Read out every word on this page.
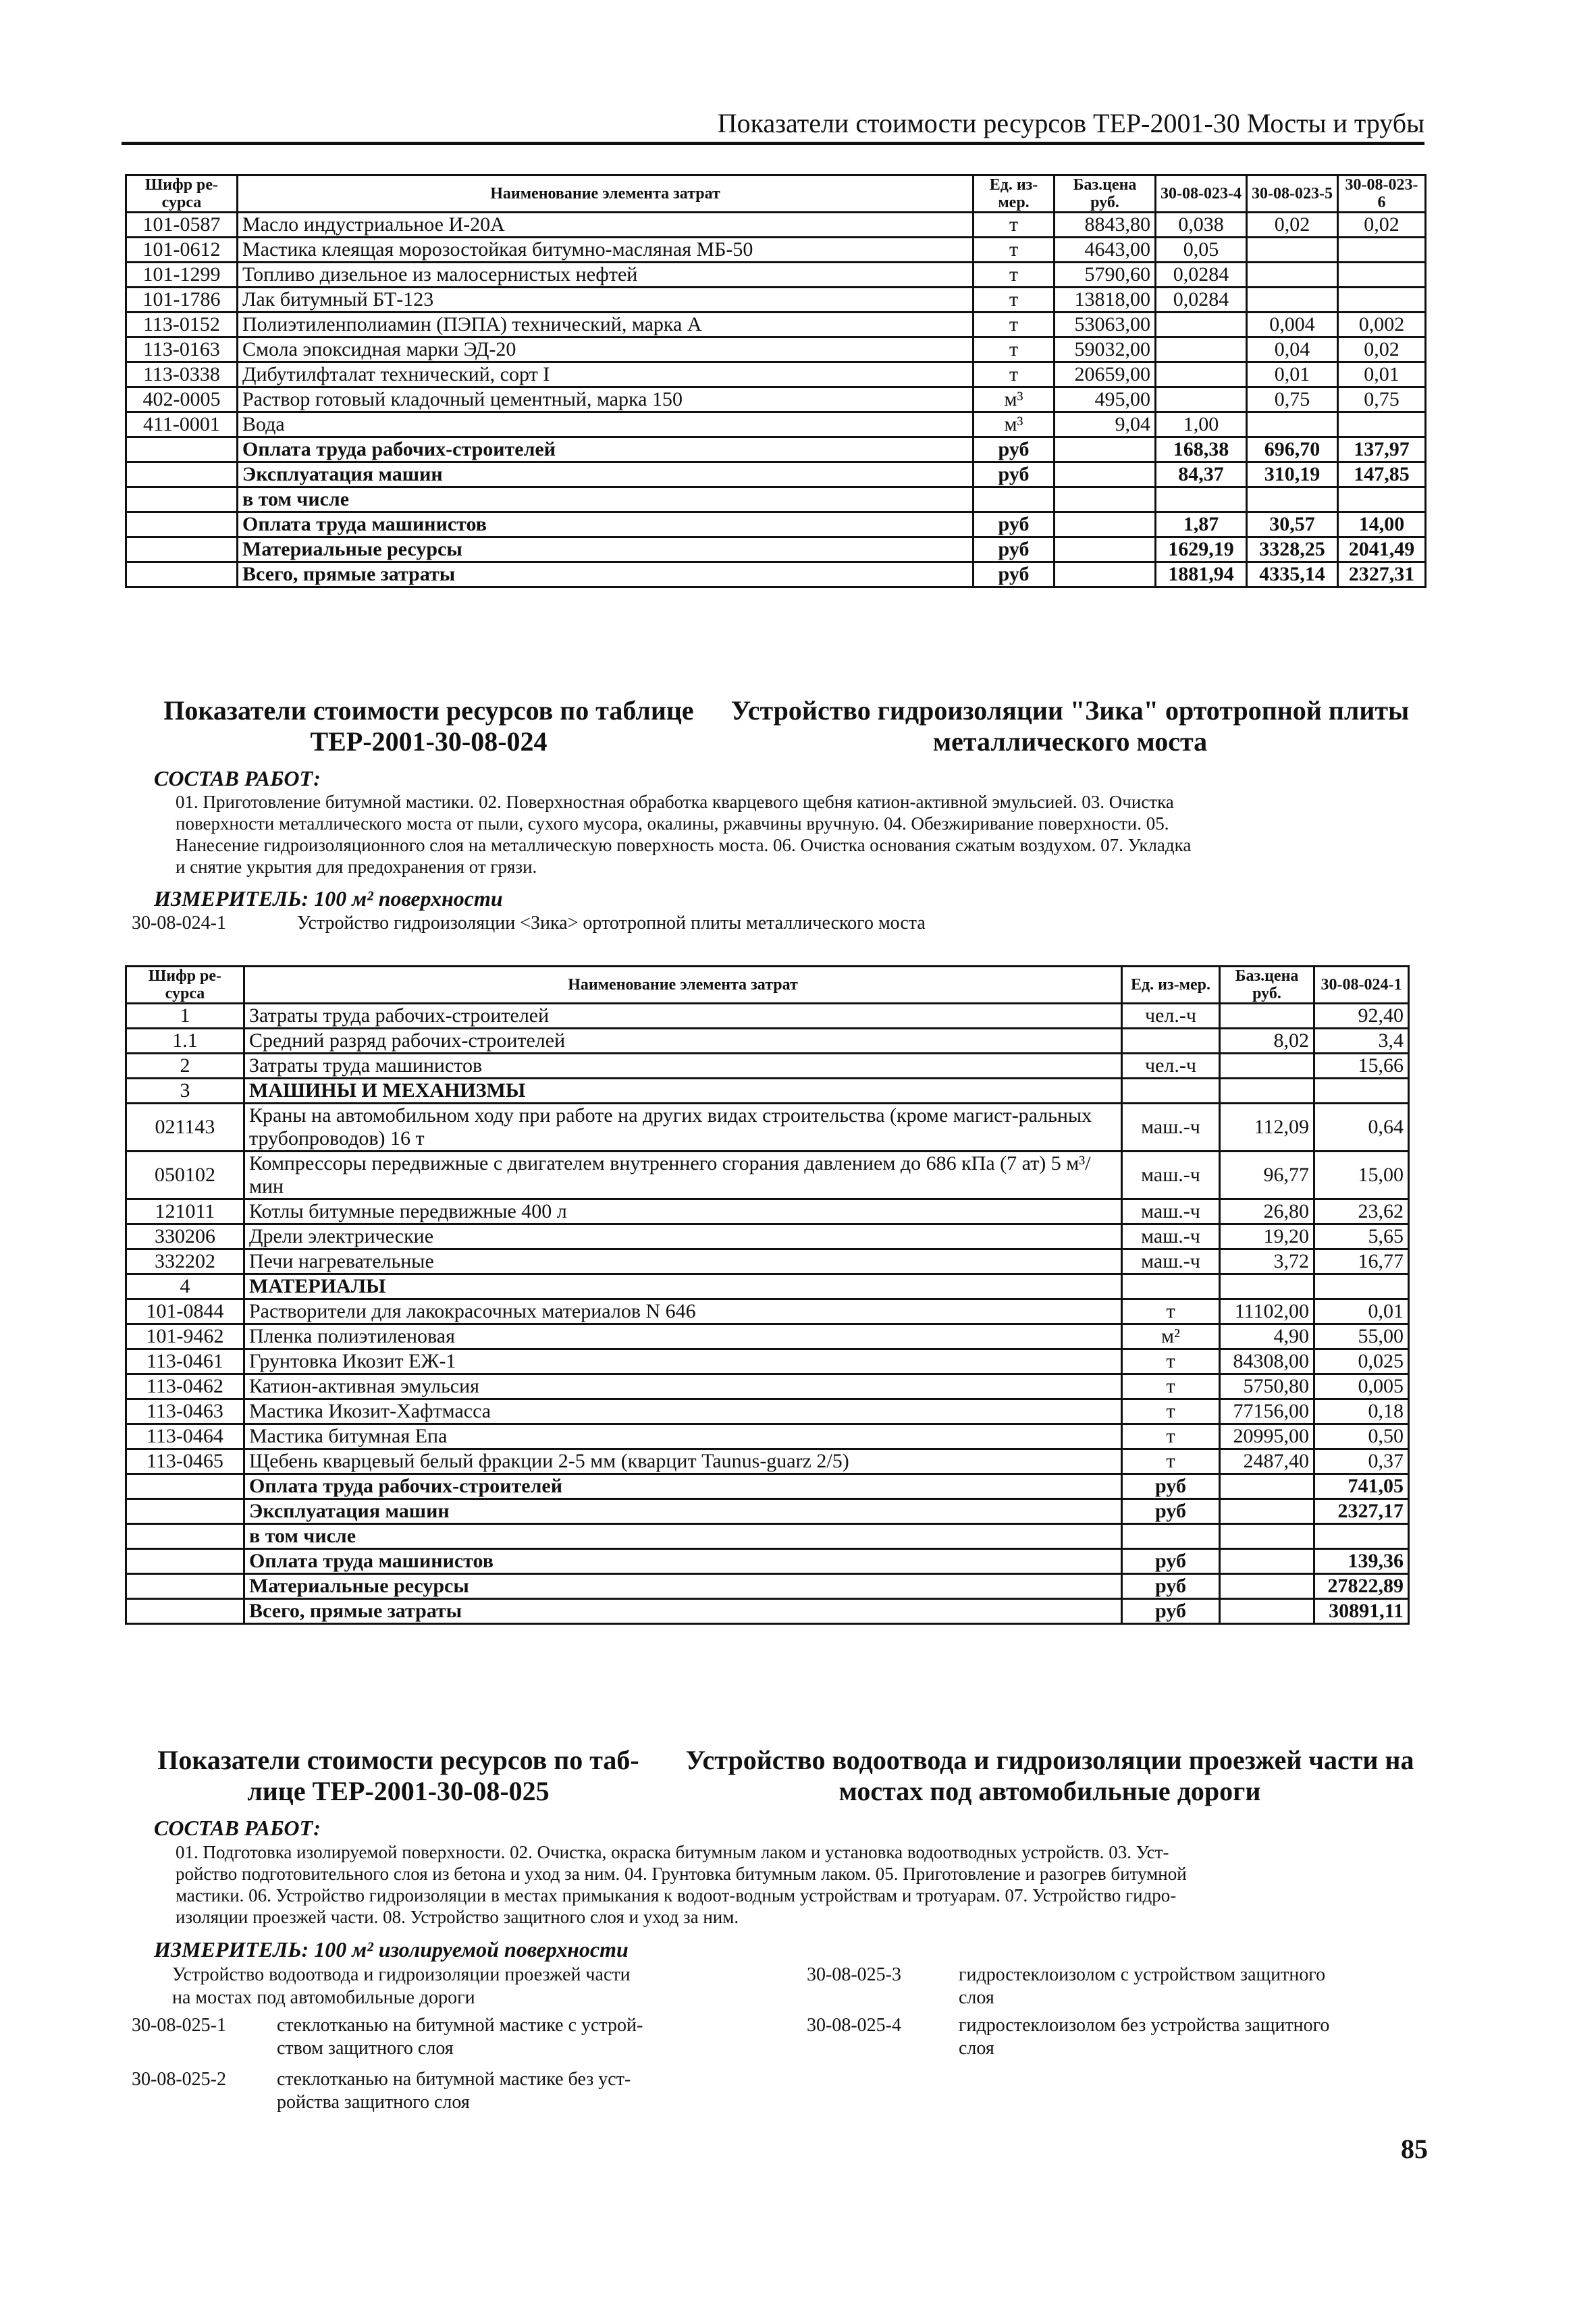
Показатели стоимости ресурсов ТЕР-2001-30 Мосты и трубы
Шифр ре-сурса	Наименование элемента затрат	Ед. из-мер.	Баз.цена руб.	30-08-023-4	30-08-023-5	30-08-023-6
101-0587	Масло индустриальное И-20А	т	8843,80	0,038	0,02	0,02
101-0612	Мастика клеящая морозостойкая битумно-масляная МБ-50	т	4643,00	0,05		
101-1299	Топливо дизельное из малосернистых нефтей	т	5790,60	0,0284		
101-1786	Лак битумный БТ-123	т	13818,00	0,0284		
113-0152	Полиэтиленполиамин (ПЭПА) технический, марка А	т	53063,00		0,004	0,002
113-0163	Смола эпоксидная марки ЭД-20	т	59032,00		0,04	0,02
113-0338	Дибутилфталат технический, сорт I	т	20659,00		0,01	0,01
402-0005	Раствор готовый кладочный цементный, марка 150	м³	495,00		0,75	0,75
411-0001	Вода	м³	9,04	1,00		
	Оплата труда рабочих-строителей	руб		168,38	696,70	137,97
	Эксплуатация машин	руб		84,37	310,19	147,85
	в том числе					
	Оплата труда машинистов	руб		1,87	30,57	14,00
	Материальные ресурсы	руб		1629,19	3328,25	2041,49
	Всего, прямые затраты	руб		1881,94	4335,14	2327,31
Показатели стоимости ресурсов по таблице
ТЕР-2001-30-08-024
Устройство гидроизоляции "Зика" ортотропной плиты
металлического моста
СОСТАВ РАБОТ:
01. Приготовление битумной мастики. 02. Поверхностная обработка кварцевого щебня катион-активной эмульсией. 03. Очистка
поверхности металлического моста от пыли, сухого мусора, окалины, ржавчины вручную. 04. Обезжиривание поверхности. 05.
Нанесение гидроизоляционного слоя на металлическую поверхность моста. 06. Очистка основания сжатым воздухом. 07. Укладка
и снятие укрытия для предохранения от грязи.
ИЗМЕРИТЕЛЬ: 100 м² поверхности
30-08-024-1	Устройство гидроизоляции <Зика> ортотропной плиты металлического моста
Шифр ре-сурса	Наименование элемента затрат	Ед. из-мер.	Баз.цена руб.	30-08-024-1
1	Затраты труда рабочих-строителей	чел.-ч		92,40
1.1	Средний разряд рабочих-строителей		8,02	3,4
2	Затраты труда машинистов	чел.-ч		15,66
3	МАШИНЫ И МЕХАНИЗМЫ			
021143	Краны на автомобильном ходу при работе на других видах строительства (кроме магист-ральных трубопроводов) 16 т	маш.-ч	112,09	0,64
050102	Компрессоры передвижные с двигателем внутреннего сгорания давлением до 686 кПа (7 ат) 5 м³/мин	маш.-ч	96,77	15,00
121011	Котлы битумные передвижные 400 л	маш.-ч	26,80	23,62
330206	Дрели электрические	маш.-ч	19,20	5,65
332202	Печи нагревательные	маш.-ч	3,72	16,77
4	МАТЕРИАЛЫ			
101-0844	Растворители для лакокрасочных материалов N 646	т	11102,00	0,01
101-9462	Пленка полиэтиленовая	м²	4,90	55,00
113-0461	Грунтовка Икозит ЕЖ-1	т	84308,00	0,025
113-0462	Катион-активная эмульсия	т	5750,80	0,005
113-0463	Мастика Икозит-Хафтмасса	т	77156,00	0,18
113-0464	Мастика битумная Епа	т	20995,00	0,50
113-0465	Щебень кварцевый белый фракции 2-5 мм (кварцит Taunus-guarz 2/5)	т	2487,40	0,37
	Оплата труда рабочих-строителей	руб		741,05
	Эксплуатация машин	руб		2327,17
	в том числе			
	Оплата труда машинистов	руб		139,36
	Материальные ресурсы	руб		27822,89
	Всего, прямые затраты	руб		30891,11
Показатели стоимости ресурсов по таб-
лице ТЕР-2001-30-08-025
Устройство водоотвода и гидроизоляции проезжей части на
мостах под автомобильные дороги
СОСТАВ РАБОТ:
01. Подготовка изолируемой поверхности. 02. Очистка, окраска битумным лаком и установка водоотводных устройств. 03. Уст-
ройство подготовительного слоя из бетона и уход за ним. 04. Грунтовка битумным лаком. 05. Приготовление и разогрев битумной
мастики. 06. Устройство гидроизоляции в местах примыкания к водоот-водным устройствам и тротуарам. 07. Устройство гидро-
изоляции проезжей части. 08. Устройство защитного слоя и уход за ним.
ИЗМЕРИТЕЛЬ: 100 м² изолируемой поверхности
Устройство водоотвода и гидроизоляции проезжей части
на мостах под автомобильные дороги
30-08-025-1	стеклотканью на битумной мастике с устрой-
ством защитного слоя
30-08-025-2	стеклотканью на битумной мастике без уст-
ройства защитного слоя
30-08-025-3	гидростеклоизолом с устройством защитного
слоя
30-08-025-4	гидростеклоизолом без устройства защитного
слоя
85
